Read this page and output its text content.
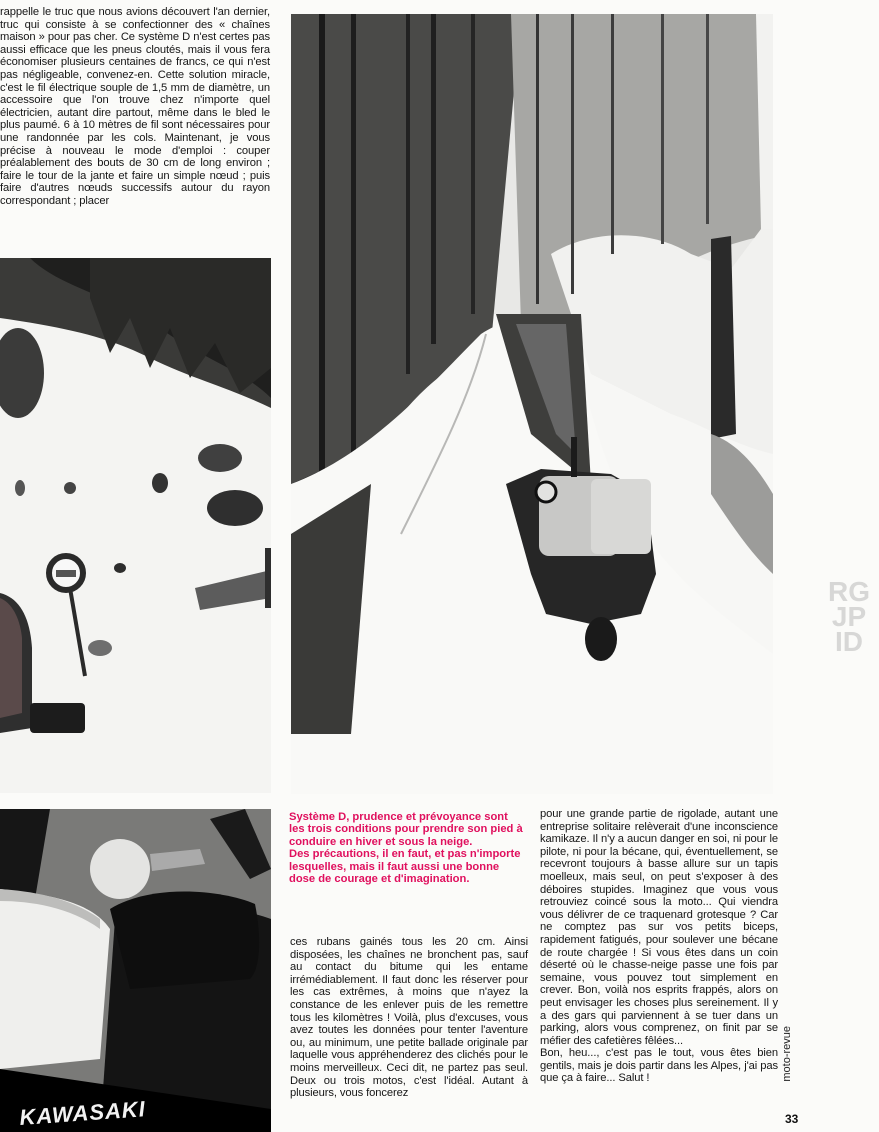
rappelle le truc que nous avions découvert l'an dernier, truc qui consiste à se confectionner des « chaînes maison » pour pas cher. Ce système D n'est certes pas aussi efficace que les pneus cloutés, mais il vous fera économiser plusieurs centaines de francs, ce qui n'est pas négligeable, convenez-en. Cette solution miracle, c'est le fil électrique souple de 1,5 mm de diamètre, un accessoire que l'on trouve chez n'importe quel électricien, autant dire partout, même dans le bled le plus paumé. 6 à 10 mètres de fil sont nécessaires pour une randonnée par les cols. Maintenant, je vous précise à nouveau le mode d'emploi : couper préalablement des bouts de 30 cm de long environ ; faire le tour de la jante et faire un simple nœud ; puis faire d'autres nœuds successifs autour du rayon correspondant ; placer

RG JP ID

Système D, prudence et prévoyance sont les trois conditions pour prendre son pied à conduire en hiver et sous la neige.
Des précautions, il en faut, et pas n'importe lesquelles, mais il faut aussi une bonne dose de courage et d'imagination.

KAWASAKI

ces rubans gainés tous les 20 cm. Ainsi disposées, les chaînes ne bronchent pas, sauf au contact du bitume qui les entame irrémédiablement. Il faut donc les réserver pour les cas extrêmes, à moins que n'ayez la constance de les enlever puis de les remettre tous les kilomètres ! Voilà, plus d'excuses, vous avez toutes les données pour tenter l'aventure ou, au minimum, une petite ballade originale par laquelle vous appréhenderez des clichés pour le moins merveilleux. Ceci dit, ne partez pas seul. Deux ou trois motos, c'est l'idéal. Autant à plusieurs, vous foncerez

pour une grande partie de rigolade, autant une entreprise solitaire relèverait d'une inconscience kamikaze. Il n'y a aucun danger en soi, ni pour le pilote, ni pour la bécane, qui, éventuellement, se recevront toujours à basse allure sur un tapis moelleux, mais seul, on peut s'exposer à des déboires stupides. Imaginez que vous vous retrouviez coincé sous la moto... Qui viendra vous délivrer de ce traquenard grotesque ? Car ne comptez pas sur vos petits biceps, rapidement fatigués, pour soulever une bécane de route chargée ! Si vous êtes dans un coin déserté où le chasse-neige passe une fois par semaine, vous pouvez tout simplement en crever. Bon, voilà nos esprits frappés, alors on peut envisager les choses plus sereinement. Il y a des gars qui parviennent à se tuer dans un parking, alors vous comprenez, on finit par se méfier des cafetières fêlées...
Bon, heu..., c'est pas le tout, vous êtes bien gentils, mais je dois partir dans les Alpes, j'ai pas que ça à faire... Salut !	moto-revue
33
